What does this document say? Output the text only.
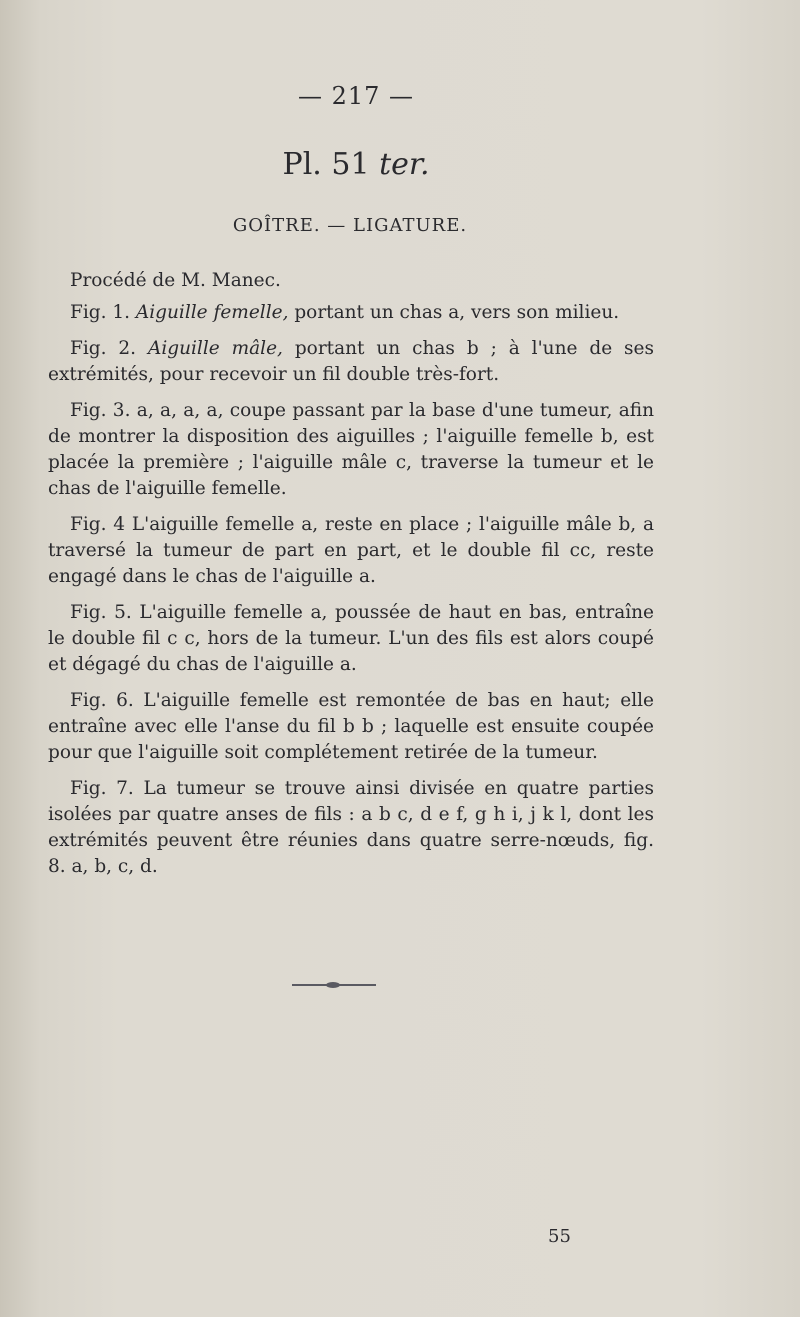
— 217 —
Pl. 51 ter.
GOÎTRE. — LIGATURE.

Procédé de M. Manec.

Fig. 1. Aiguille femelle, portant un chas a, vers son milieu.

Fig. 2. Aiguille mâle, portant un chas b ; à l'une de ses extrémités, pour recevoir un fil double très-fort.

Fig. 3. a, a, a, a, coupe passant par la base d'une tumeur, afin de montrer la disposition des aiguilles ; l'aiguille femelle b, est placée la première ; l'aiguille mâle c, traverse la tumeur et le chas de l'aiguille femelle.

Fig. 4 L'aiguille femelle a, reste en place ; l'aiguille mâle b, a traversé la tumeur de part en part, et le double fil cc, reste engagé dans le chas de l'aiguille a.

Fig. 5. L'aiguille femelle a, poussée de haut en bas, entraîne le double fil c c, hors de la tumeur. L'un des fils est alors coupé et dégagé du chas de l'aiguille a.

Fig. 6. L'aiguille femelle est remontée de bas en haut; elle entraîne avec elle l'anse du fil b b ; laquelle est ensuite coupée pour que l'aiguille soit complétement retirée de la tumeur.

Fig. 7. La tumeur se trouve ainsi divisée en quatre parties isolées par quatre anses de fils : a b c, d e f, g h i, j k l, dont les extrémités peuvent être réunies dans quatre serre-nœuds, fig. 8. a, b, c, d.

55
